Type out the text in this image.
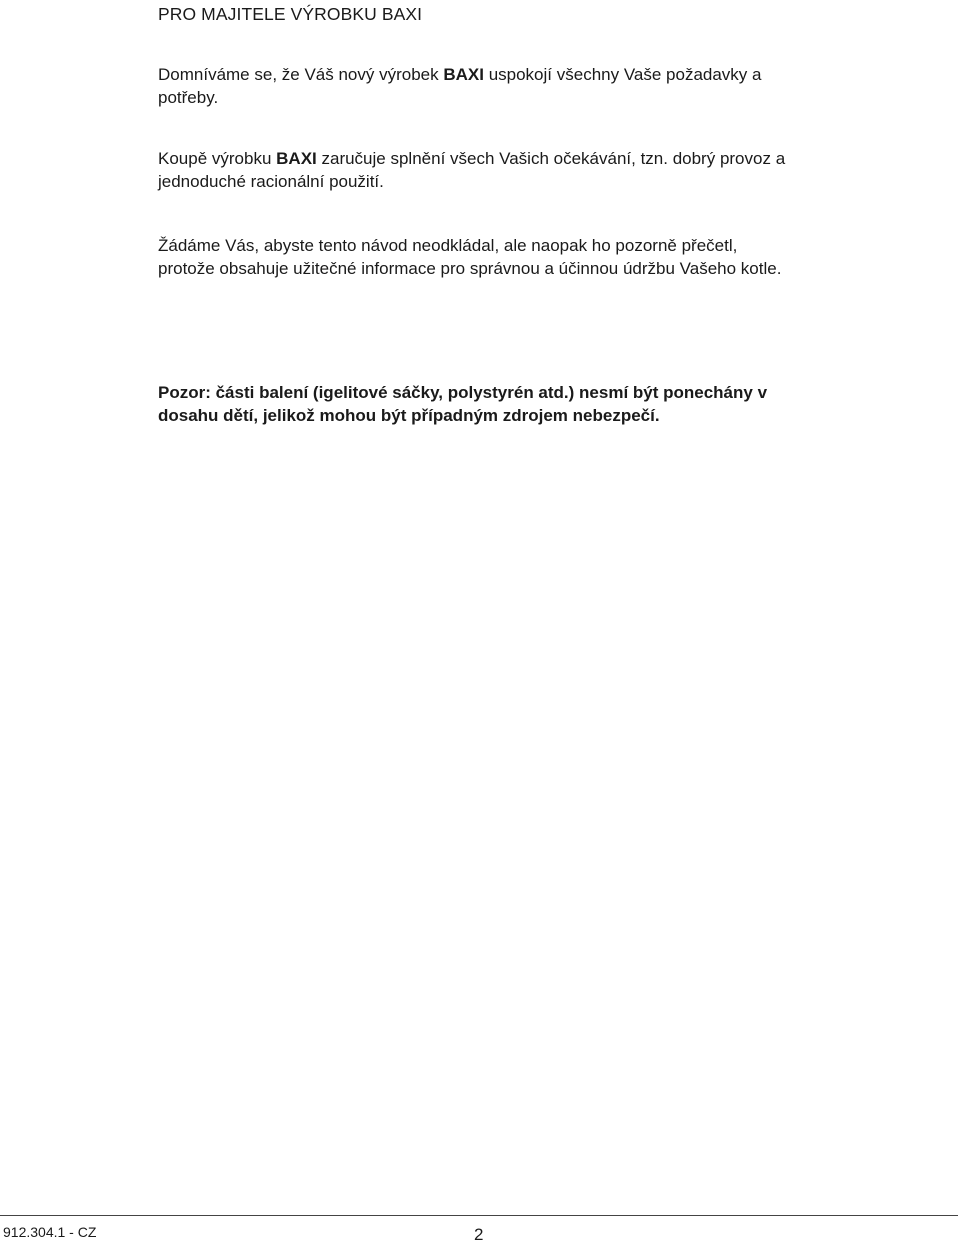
PRO MAJITELE VÝROBKU BAXI

Domníváme se, že Váš nový výrobek BAXI uspokojí všechny Vaše požadavky a potřeby.

Koupě výrobku BAXI zaručuje splnění všech Vašich očekávání, tzn. dobrý provoz a jednoduché racionální použití.

Žádáme Vás, abyste tento návod neodkládal, ale naopak ho pozorně přečetl, protože obsahuje užitečné informace pro správnou a účinnou údržbu Vašeho kotle.

Pozor: části balení (igelitové sáčky, polystyrén atd.) nesmí být ponechány v dosahu dětí, jelikož mohou být případným zdrojem nebezpečí.

912.304.1 - CZ	2
